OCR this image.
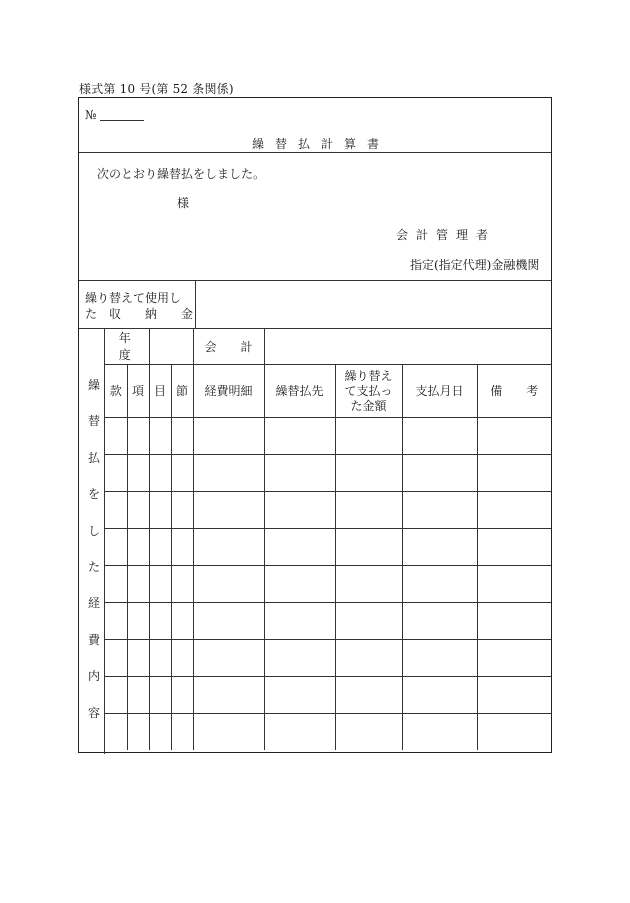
様式第 10 号(第 52 条関係)
№
繰替払計算書
次のとおり繰替払をしました。
様
会計管理者
指定(指定代理)金融機関
繰り替えて使用し
た　収　　納　　金
繰
替
払
を
し
た
経
費
内
容
年　度				会　　計				
款	項	目	節	経費明細	繰替払先	繰り替え
て支払っ
た金額	支払月日	備　　考
